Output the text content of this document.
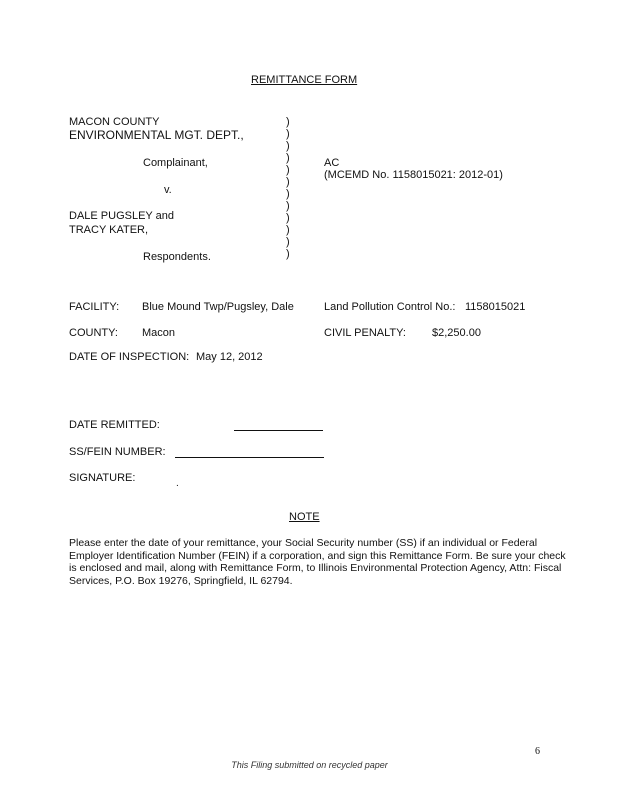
REMITTANCE FORM
MACON COUNTY
ENVIRONMENTAL MGT. DEPT.,
Complainant,
v.
DALE PUGSLEY and
TRACY KATER,
Respondents.
)
)
)
)
)
)
)
)
)
)
)
)
AC
(MCEMD No. 1158015021: 2012-01)
FACILITY: Blue Mound Twp/Pugsley, Dale	Land Pollution Control No.: 1158015021
COUNTY: Macon	CIVIL PENALTY: $2,250.00
DATE OF INSPECTION: May 12, 2012
DATE REMITTED:
SS/FEIN NUMBER:
SIGNATURE:	.
NOTE
Please enter the date of your remittance, your Social Security number (SS) if an individual or Federal Employer Identification Number (FEIN) if a corporation, and sign this Remittance Form. Be sure your check is enclosed and mail, along with Remittance Form, to Illinois Environmental Protection Agency, Attn: Fiscal Services, P.O. Box 19276, Springfield, IL 62794.
6
This Filing submitted on recycled paper
